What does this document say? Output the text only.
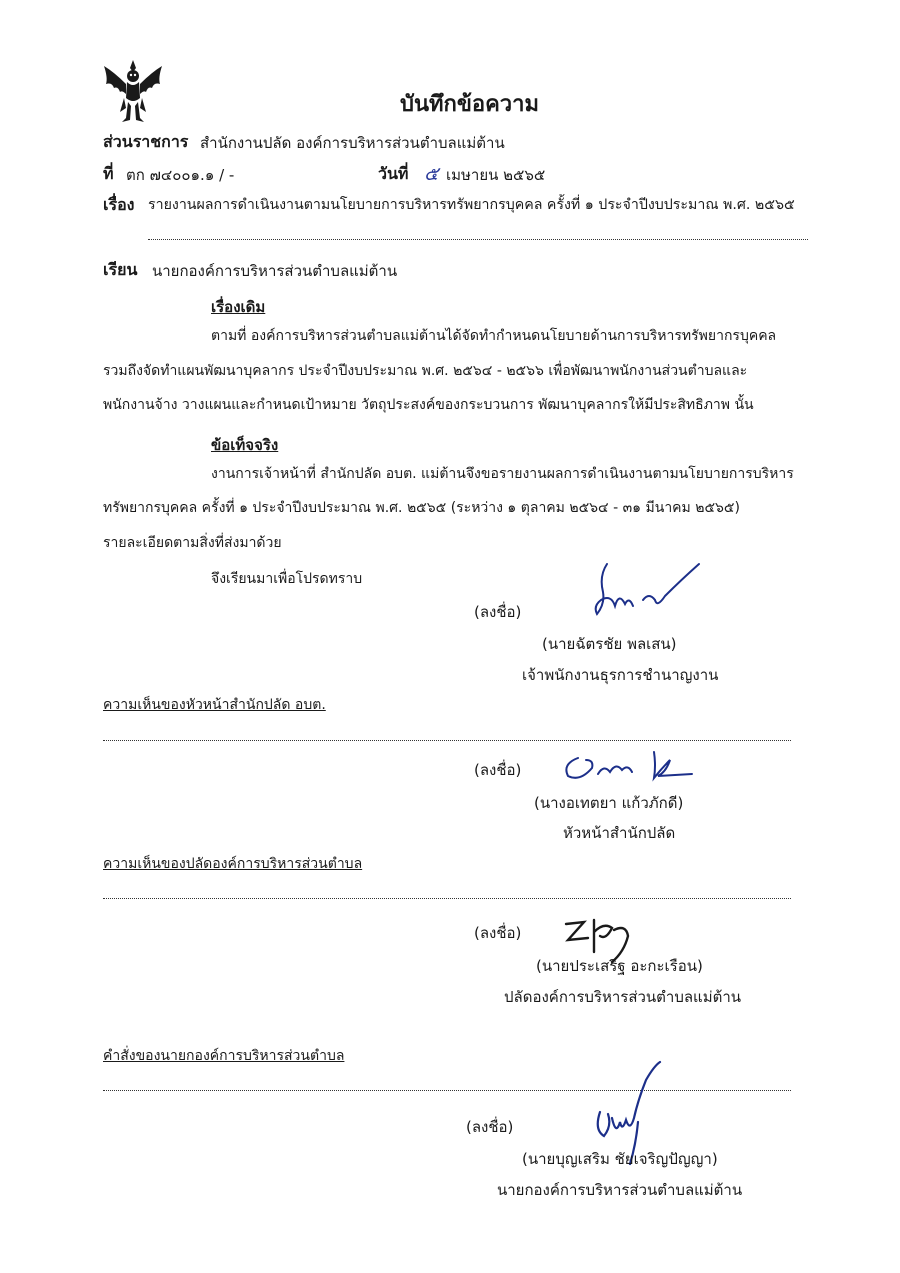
บันทึกข้อความ
ส่วนราชการ สำนักงานปลัด องค์การบริหารส่วนตำบลแม่ต้าน
ที่ ตก ๗๔๐๐๑.๑ / -	วันที่ ๕ เมษายน ๒๕๖๕
เรื่อง รายงานผลการดำเนินงานตามนโยบายการบริหารทรัพยากรบุคคล ครั้งที่ ๑ ประจำปีงบประมาณ พ.ศ. ๒๕๖๕
เรียน นายกองค์การบริหารส่วนตำบลแม่ต้าน
เรื่องเดิม
ตามที่ องค์การบริหารส่วนตำบลแม่ต้านได้จัดทำกำหนดนโยบายด้านการบริหารทรัพยากรบุคคล
รวมถึงจัดทำแผนพัฒนาบุคลากร ประจำปีงบประมาณ พ.ศ. ๒๕๖๔ - ๒๕๖๖ เพื่อพัฒนาพนักงานส่วนตำบลและ
พนักงานจ้าง วางแผนและกำหนดเป้าหมาย วัตถุประสงค์ของกระบวนการ พัฒนาบุคลากรให้มีประสิทธิภาพ นั้น
ข้อเท็จจริง
งานการเจ้าหน้าที่ สำนักปลัด อบต. แม่ต้านจึงขอรายงานผลการดำเนินงานตามนโยบายการบริหาร
ทรัพยากรบุคคล ครั้งที่ ๑ ประจำปีงบประมาณ พ.ศ. ๒๕๖๕ (ระหว่าง ๑ ตุลาคม ๒๕๖๔ - ๓๑ มีนาคม ๒๕๖๕)
รายละเอียดตามสิ่งที่ส่งมาด้วย
จึงเรียนมาเพื่อโปรดทราบ
(ลงชื่อ)
(นายฉัตรชัย พลเสน)
เจ้าพนักงานธุรการชำนาญงาน
ความเห็นของหัวหน้าสำนักปลัด อบต.
(ลงชื่อ)
(นางอเทตยา แก้วภักดี)
หัวหน้าสำนักปลัด
ความเห็นของปลัดองค์การบริหารส่วนตำบล
(ลงชื่อ)
(นายประเสริฐ อะกะเรือน)
ปลัดองค์การบริหารส่วนตำบลแม่ต้าน
คำสั่งของนายกองค์การบริหารส่วนตำบล
(ลงชื่อ)
(นายบุญเสริม ชัยเจริญปัญญา)
นายกองค์การบริหารส่วนตำบลแม่ต้าน
